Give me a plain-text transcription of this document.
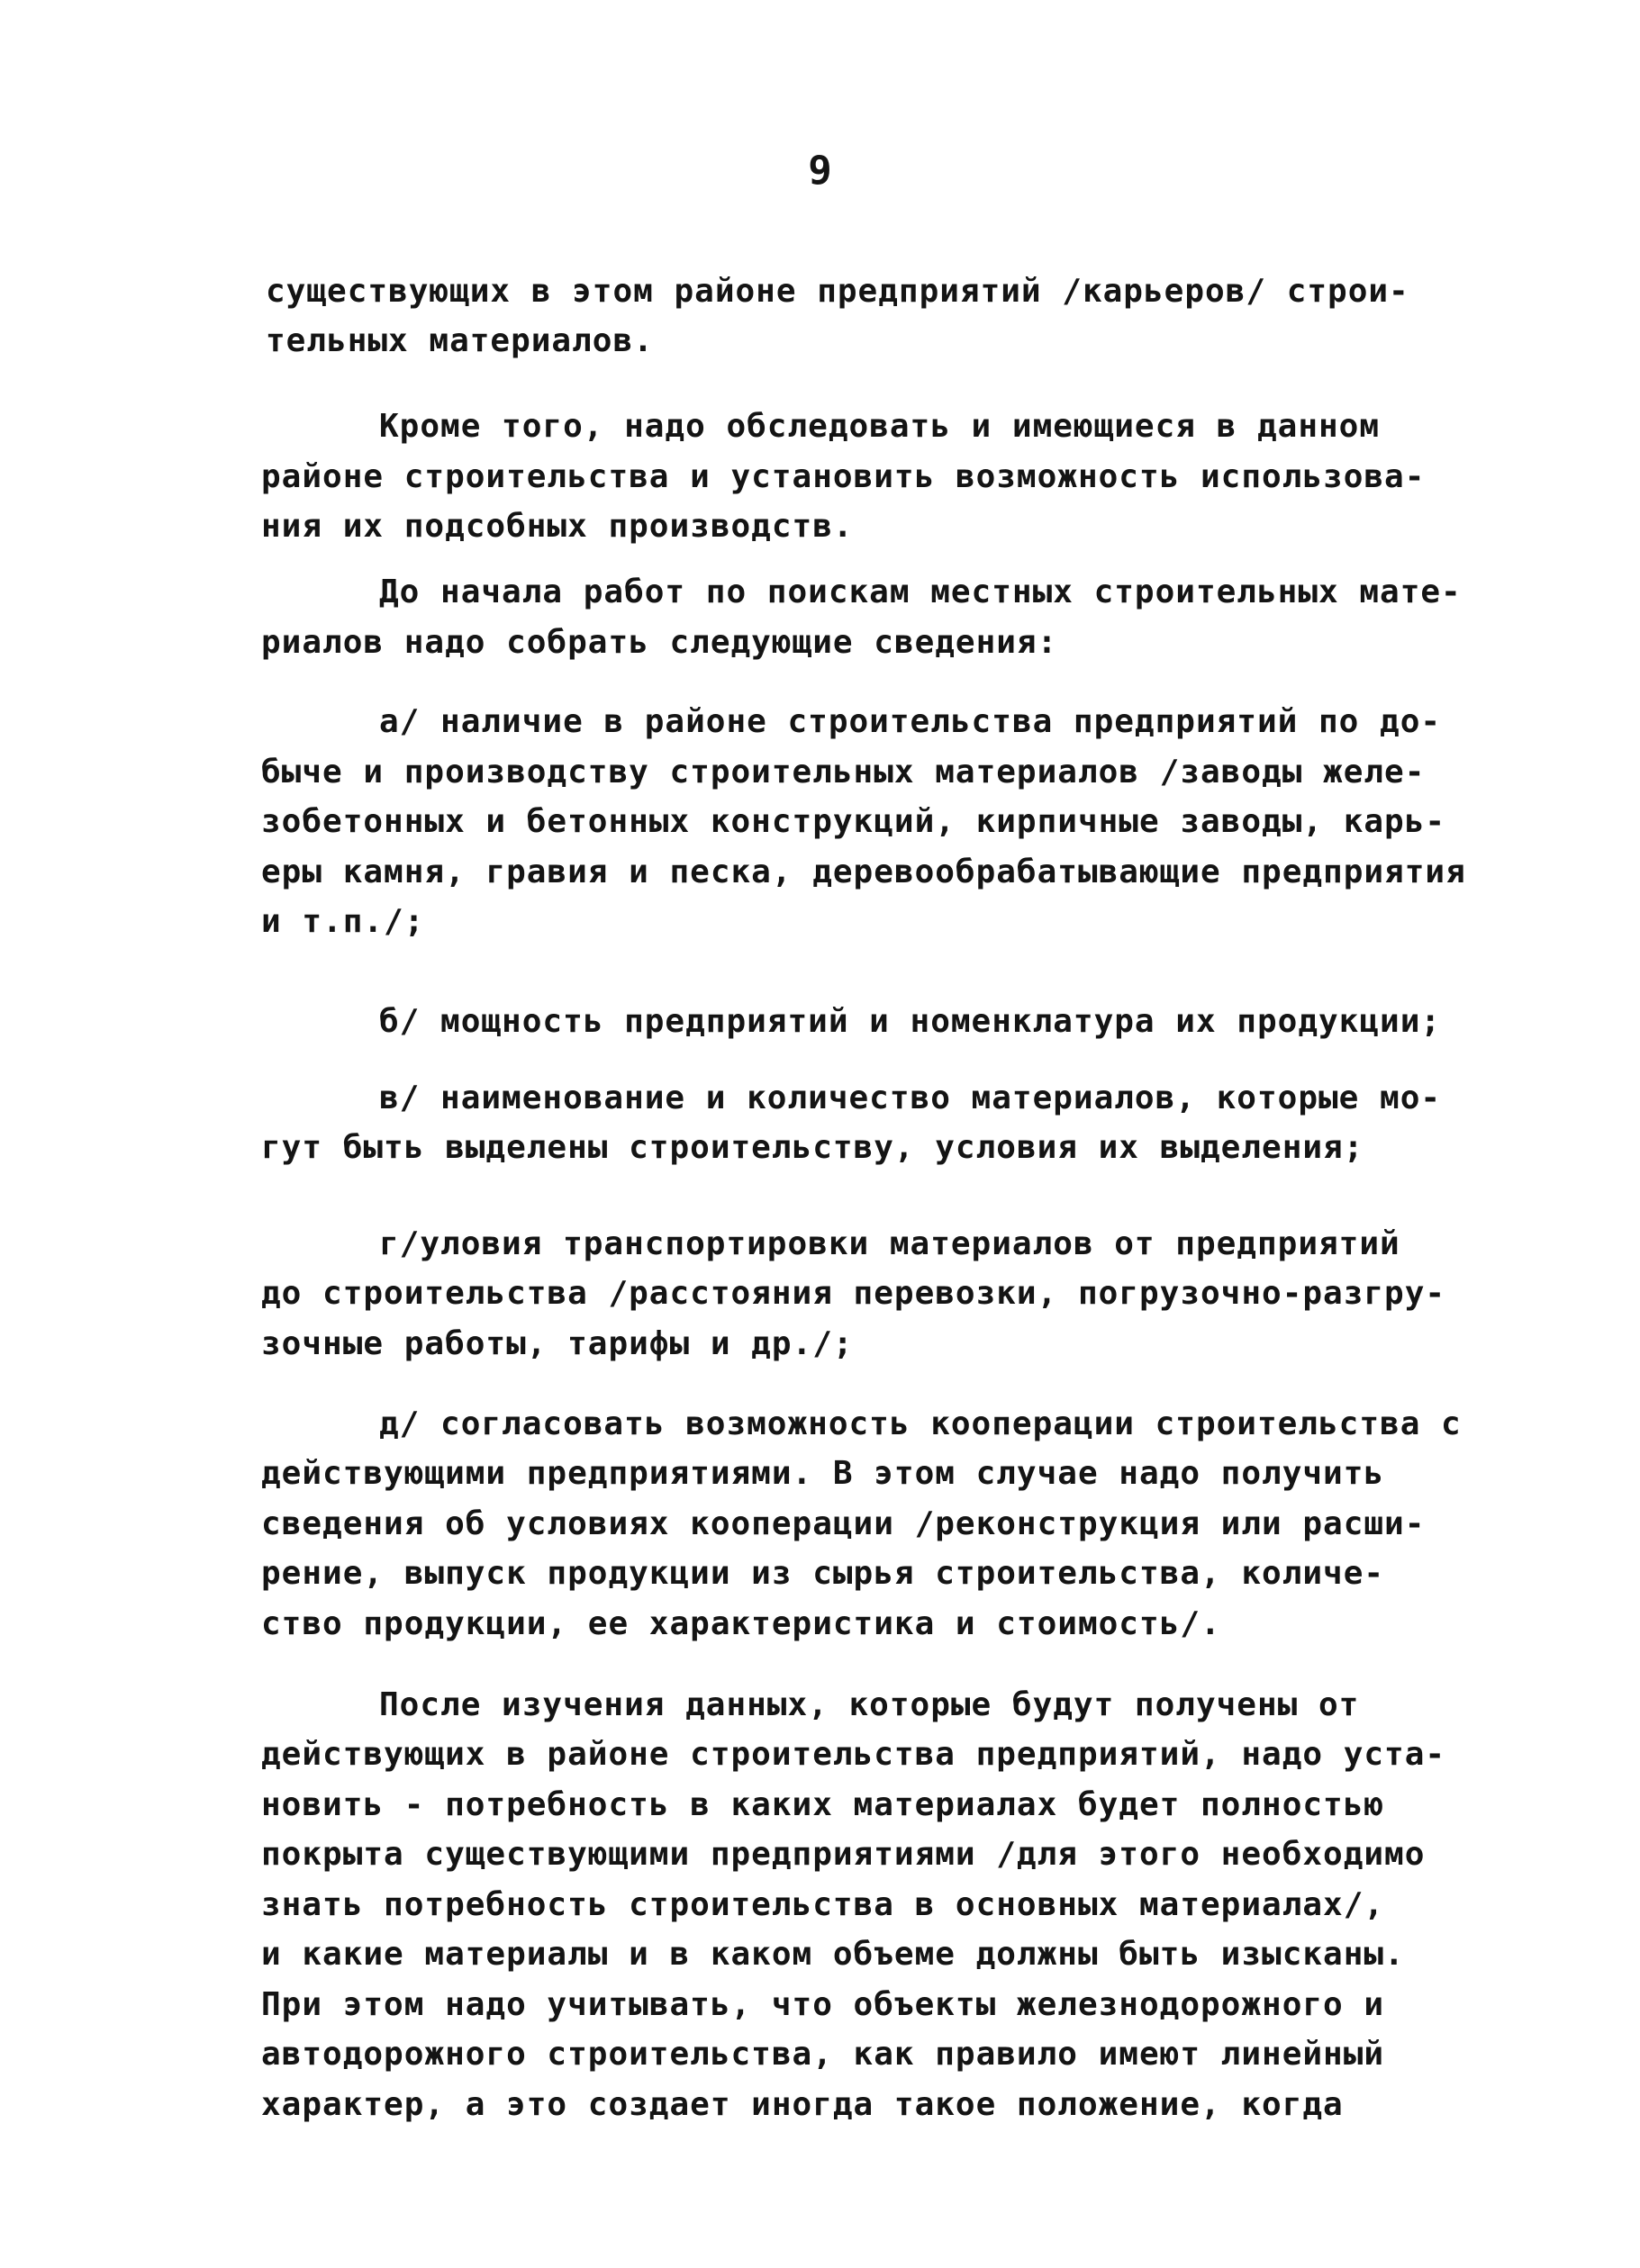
9
существующих в этом районе предприятий /карьеров/ строи-
тельных материалов.
Кроме того, надо обследовать и имеющиеся в данном
районе строительства и установить возможность использова-
ния их подсобных производств.
До начала работ по поискам местных строительных мате-
риалов надо собрать следующие сведения:
а/ наличие в районе строительства предприятий по до-
быче и производству строительных материалов /заводы желе-
зобетонных и бетонных конструкций, кирпичные заводы, карь-
еры камня, гравия и песка, деревообрабатывающие предприятия
и т.п./;
б/ мощность предприятий и номенклатура их продукции;
в/ наименование и количество материалов, которые мо-
гут быть выделены строительству, условия их выделения;
г/уловия транспортировки материалов от предприятий
до строительства /расстояния перевозки, погрузочно-разгру-
зочные работы, тарифы и др./;
д/ согласовать возможность кооперации строительства с
действующими предприятиями. В этом случае надо получить
сведения об условиях кооперации /реконструкция или расши-
рение, выпуск продукции из сырья строительства, количе-
ство продукции, ее характеристика и стоимость/.
После изучения данных, которые будут получены от
действующих в районе строительства предприятий, надо уста-
новить - потребность в каких материалах будет полностью
покрыта существующими предприятиями /для этого необходимо
знать потребность строительства в основных материалах/,
и какие материалы и в каком объеме должны быть изысканы.
При этом надо учитывать, что объекты железнодорожного и
автодорожного строительства, как правило имеют линейный
характер, а это создает иногда такое положение, когда
